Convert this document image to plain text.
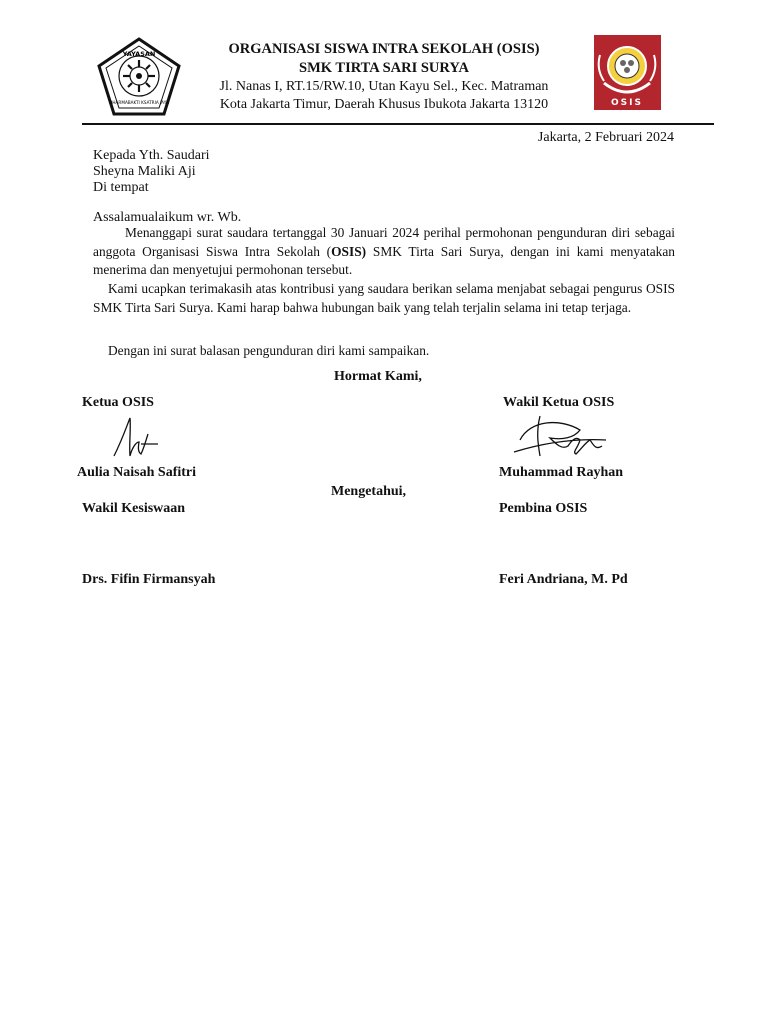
YAYASAN
DHARMABAKTI KSATRIA JAYA
ORGANISASI SISWA INTRA SEKOLAH (OSIS)
SMK TIRTA SARI SURYA
Jl. Nanas I, RT.15/RW.10, Utan Kayu Sel., Kec. Matraman
Kota Jakarta Timur, Daerah Khusus Ibukota Jakarta 13120	OSIS
Jakarta, 2 Februari 2024
Kepada Yth. Saudari
Sheyna Maliki Aji
Di tempat
Assalamualaikum wr. Wb.
Menanggapi surat saudara tertanggal 30 Januari 2024 perihal permohonan pengunduran diri sebagai anggota Organisasi Siswa Intra Sekolah (OSIS) SMK Tirta Sari Surya, dengan ini kami menyatakan menerima dan menyetujui permohonan tersebut.
Kami ucapkan terimakasih atas kontribusi yang saudara berikan selama menjabat sebagai pengurus OSIS SMK Tirta Sari Surya. Kami harap bahwa hubungan baik yang telah terjalin selama ini tetap terjaga.
Dengan ini surat balasan pengunduran diri kami sampaikan.
Hormat Kami,
Ketua OSIS	Wakil Ketua OSIS
Aulia Naisah Safitri	Muhammad Rayhan
Mengetahui,
Wakil Kesiswaan	Pembina OSIS
Drs. Fifin Firmansyah	Feri Andriana, M. Pd
